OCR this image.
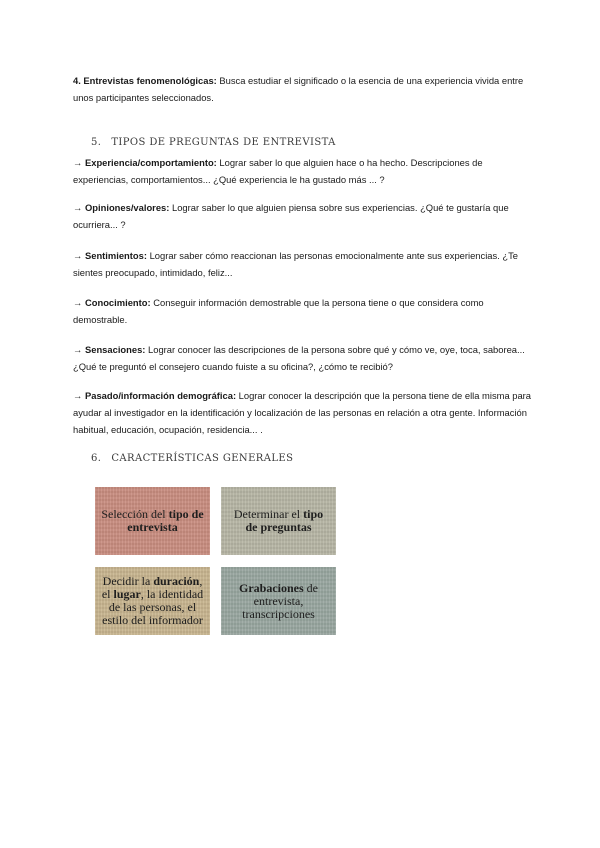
4. Entrevistas fenomenológicas: Busca estudiar el significado o la esencia de una experiencia vivida entre unos participantes seleccionados.
5. TIPOS DE PREGUNTAS DE ENTREVISTA
→ Experiencia/comportamiento: Lograr saber lo que alguien hace o ha hecho. Descripciones de experiencias, comportamientos... ¿Qué experiencia le ha gustado más ... ?
→ Opiniones/valores: Lograr saber lo que alguien piensa sobre sus experiencias. ¿Qué te gustaría que ocurriera... ?
→ Sentimientos: Lograr saber cómo reaccionan las personas emocionalmente ante sus experiencias. ¿Te sientes preocupado, intimidado, feliz...
→ Conocimiento: Conseguir información demostrable que la persona tiene o que considera como demostrable.
→ Sensaciones: Lograr conocer las descripciones de la persona sobre qué y cómo ve, oye, toca, saborea... ¿Qué te preguntó el consejero cuando fuiste a su oficina?, ¿cómo te recibió?
→ Pasado/información demográfica: Lograr conocer la descripción que la persona tiene de ella misma para ayudar al investigador en la identificación y localización de las personas en relación a otra gente. Información habitual, educación, ocupación, residencia... .
6. CARACTERÍSTICAS GENERALES
Selección del tipo de entrevista
Determinar el tipo de preguntas
Decidir la duración, el lugar, la identidad de las personas, el estilo del informador
Grabaciones de entrevista, transcripciones
